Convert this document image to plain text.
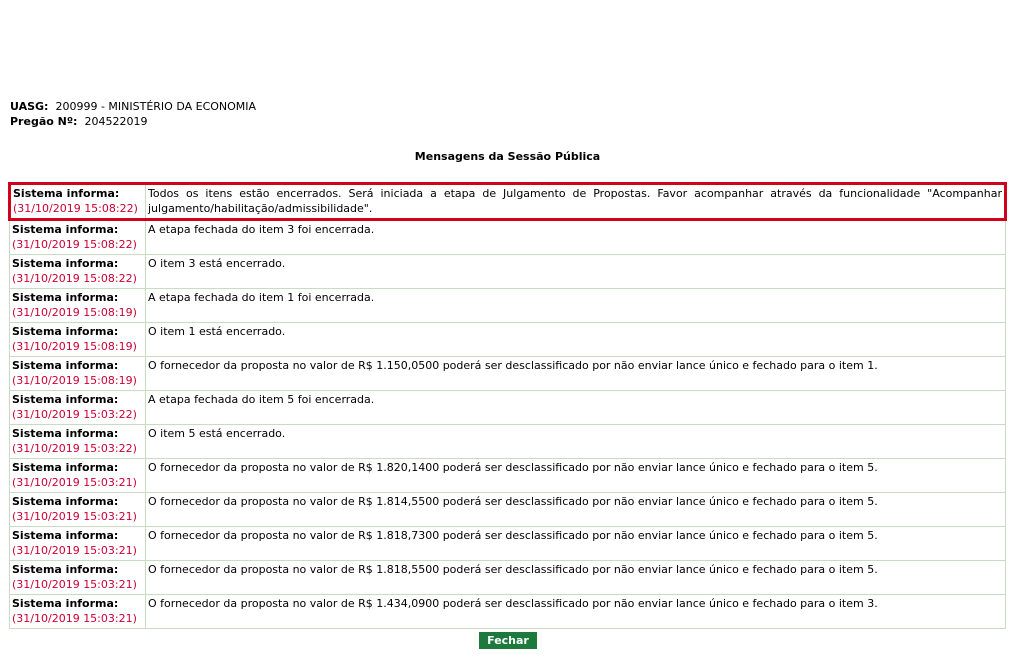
UASG: 200999 - MINISTÉRIO DA ECONOMIA
Pregão Nº: 204522019
Mensagens da Sessão Pública
Sistema informa:
(31/10/2019 15:08:22)	Todos os itens estão encerrados. Será iniciada a etapa de Julgamento de Propostas. Favor acompanhar através da funcionalidade "Acompanhar julgamento/habilitação/admissibilidade".

Sistema informa:
(31/10/2019 15:08:22)	A etapa fechada do item 3 foi encerrada.

Sistema informa:
(31/10/2019 15:08:22)	O item 3 está encerrado.

Sistema informa:
(31/10/2019 15:08:19)	A etapa fechada do item 1 foi encerrada.

Sistema informa:
(31/10/2019 15:08:19)	O item 1 está encerrado.

Sistema informa:
(31/10/2019 15:08:19)	O fornecedor da proposta no valor de R$ 1.150,0500 poderá ser desclassificado por não enviar lance único e fechado para o item 1.

Sistema informa:
(31/10/2019 15:03:22)	A etapa fechada do item 5 foi encerrada.

Sistema informa:
(31/10/2019 15:03:22)	O item 5 está encerrado.

Sistema informa:
(31/10/2019 15:03:21)	O fornecedor da proposta no valor de R$ 1.820,1400 poderá ser desclassificado por não enviar lance único e fechado para o item 5.

Sistema informa:
(31/10/2019 15:03:21)	O fornecedor da proposta no valor de R$ 1.814,5500 poderá ser desclassificado por não enviar lance único e fechado para o item 5.

Sistema informa:
(31/10/2019 15:03:21)	O fornecedor da proposta no valor de R$ 1.818,7300 poderá ser desclassificado por não enviar lance único e fechado para o item 5.

Sistema informa:
(31/10/2019 15:03:21)	O fornecedor da proposta no valor de R$ 1.818,5500 poderá ser desclassificado por não enviar lance único e fechado para o item 5.

Sistema informa:
(31/10/2019 15:03:21)	O fornecedor da proposta no valor de R$ 1.434,0900 poderá ser desclassificado por não enviar lance único e fechado para o item 3.
Fechar
